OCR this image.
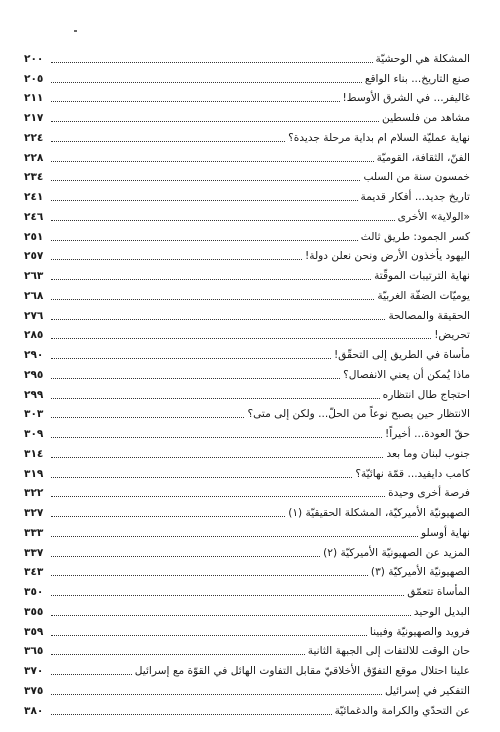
المشكلة هي الوحشيّة
٢٠٠
صنع التاريخ... بناء الواقع
٢٠٥
غاليفر... في الشرق الأوسط!
٢١١
مشاهد من فلسطين
٢١٧
نهاية عمليّة السلام ام بداية مرحلة جديدة؟
٢٢٤
الفنّ، الثقافة، القوميّة
٢٢٨
خمسون سنة من السلب
٢٣٤
تاريخ جديد... أفكار قديمة
٢٤١
«الولاية» الأخرى
٢٤٦
كسر الجمود: طريق ثالث
٢٥١
اليهود يأخذون الأرض ونحن نعلن دولة!
٢٥٧
نهاية الترتيبات الموقّتة
٢٦٣
يوميّات الضفّة الغربيّة
٢٦٨
الحقيقة والمصالحة
٢٧٦
تحريض!
٢٨٥
مأساة في الطريق إلى التحقّق!
٢٩٠
ماذا يُمكن أن يعني الانفصال؟
٢٩٥
احتجاج طال انتظاره
٢٩٩
الانتظار حين يصبح نوعاً من الحلّ... ولكن إلى متى؟
٣٠٣
حقّ العودة... أخيراً!
٣٠٩
جنوب لبنان وما بعد
٣١٤
كامب دايفيد... قمّة نهائيّة؟
٣١٩
فرصة أخرى وحيدة
٣٢٢
الصهيونيّة الأميركيّة، المشكلة الحقيقيّة (١)
٣٢٧
نهاية أوسلو
٣٣٣
المزيد عن الصهيونيّة الأميركيّة (٢)
٣٣٧
الصهيونيّة الأميركيّة (٣)
٣٤٣
المأساة تتعمّق
٣٥٠
البديل الوحيد
٣٥٥
فرويد والصهيونيّة وفيينا
٣٥٩
حان الوقت للالتفات إلى الجبهة الثانية
٣٦٥
علينا احتلال موقع التفوّق الأخلاقيّ مقابل التفاوت الهائل في القوّة مع إسرائيل
٣٧٠
التفكير في إسرائيل
٣٧٥
عن التحدّي والكرامة والدغمائيّة
٣٨٠
